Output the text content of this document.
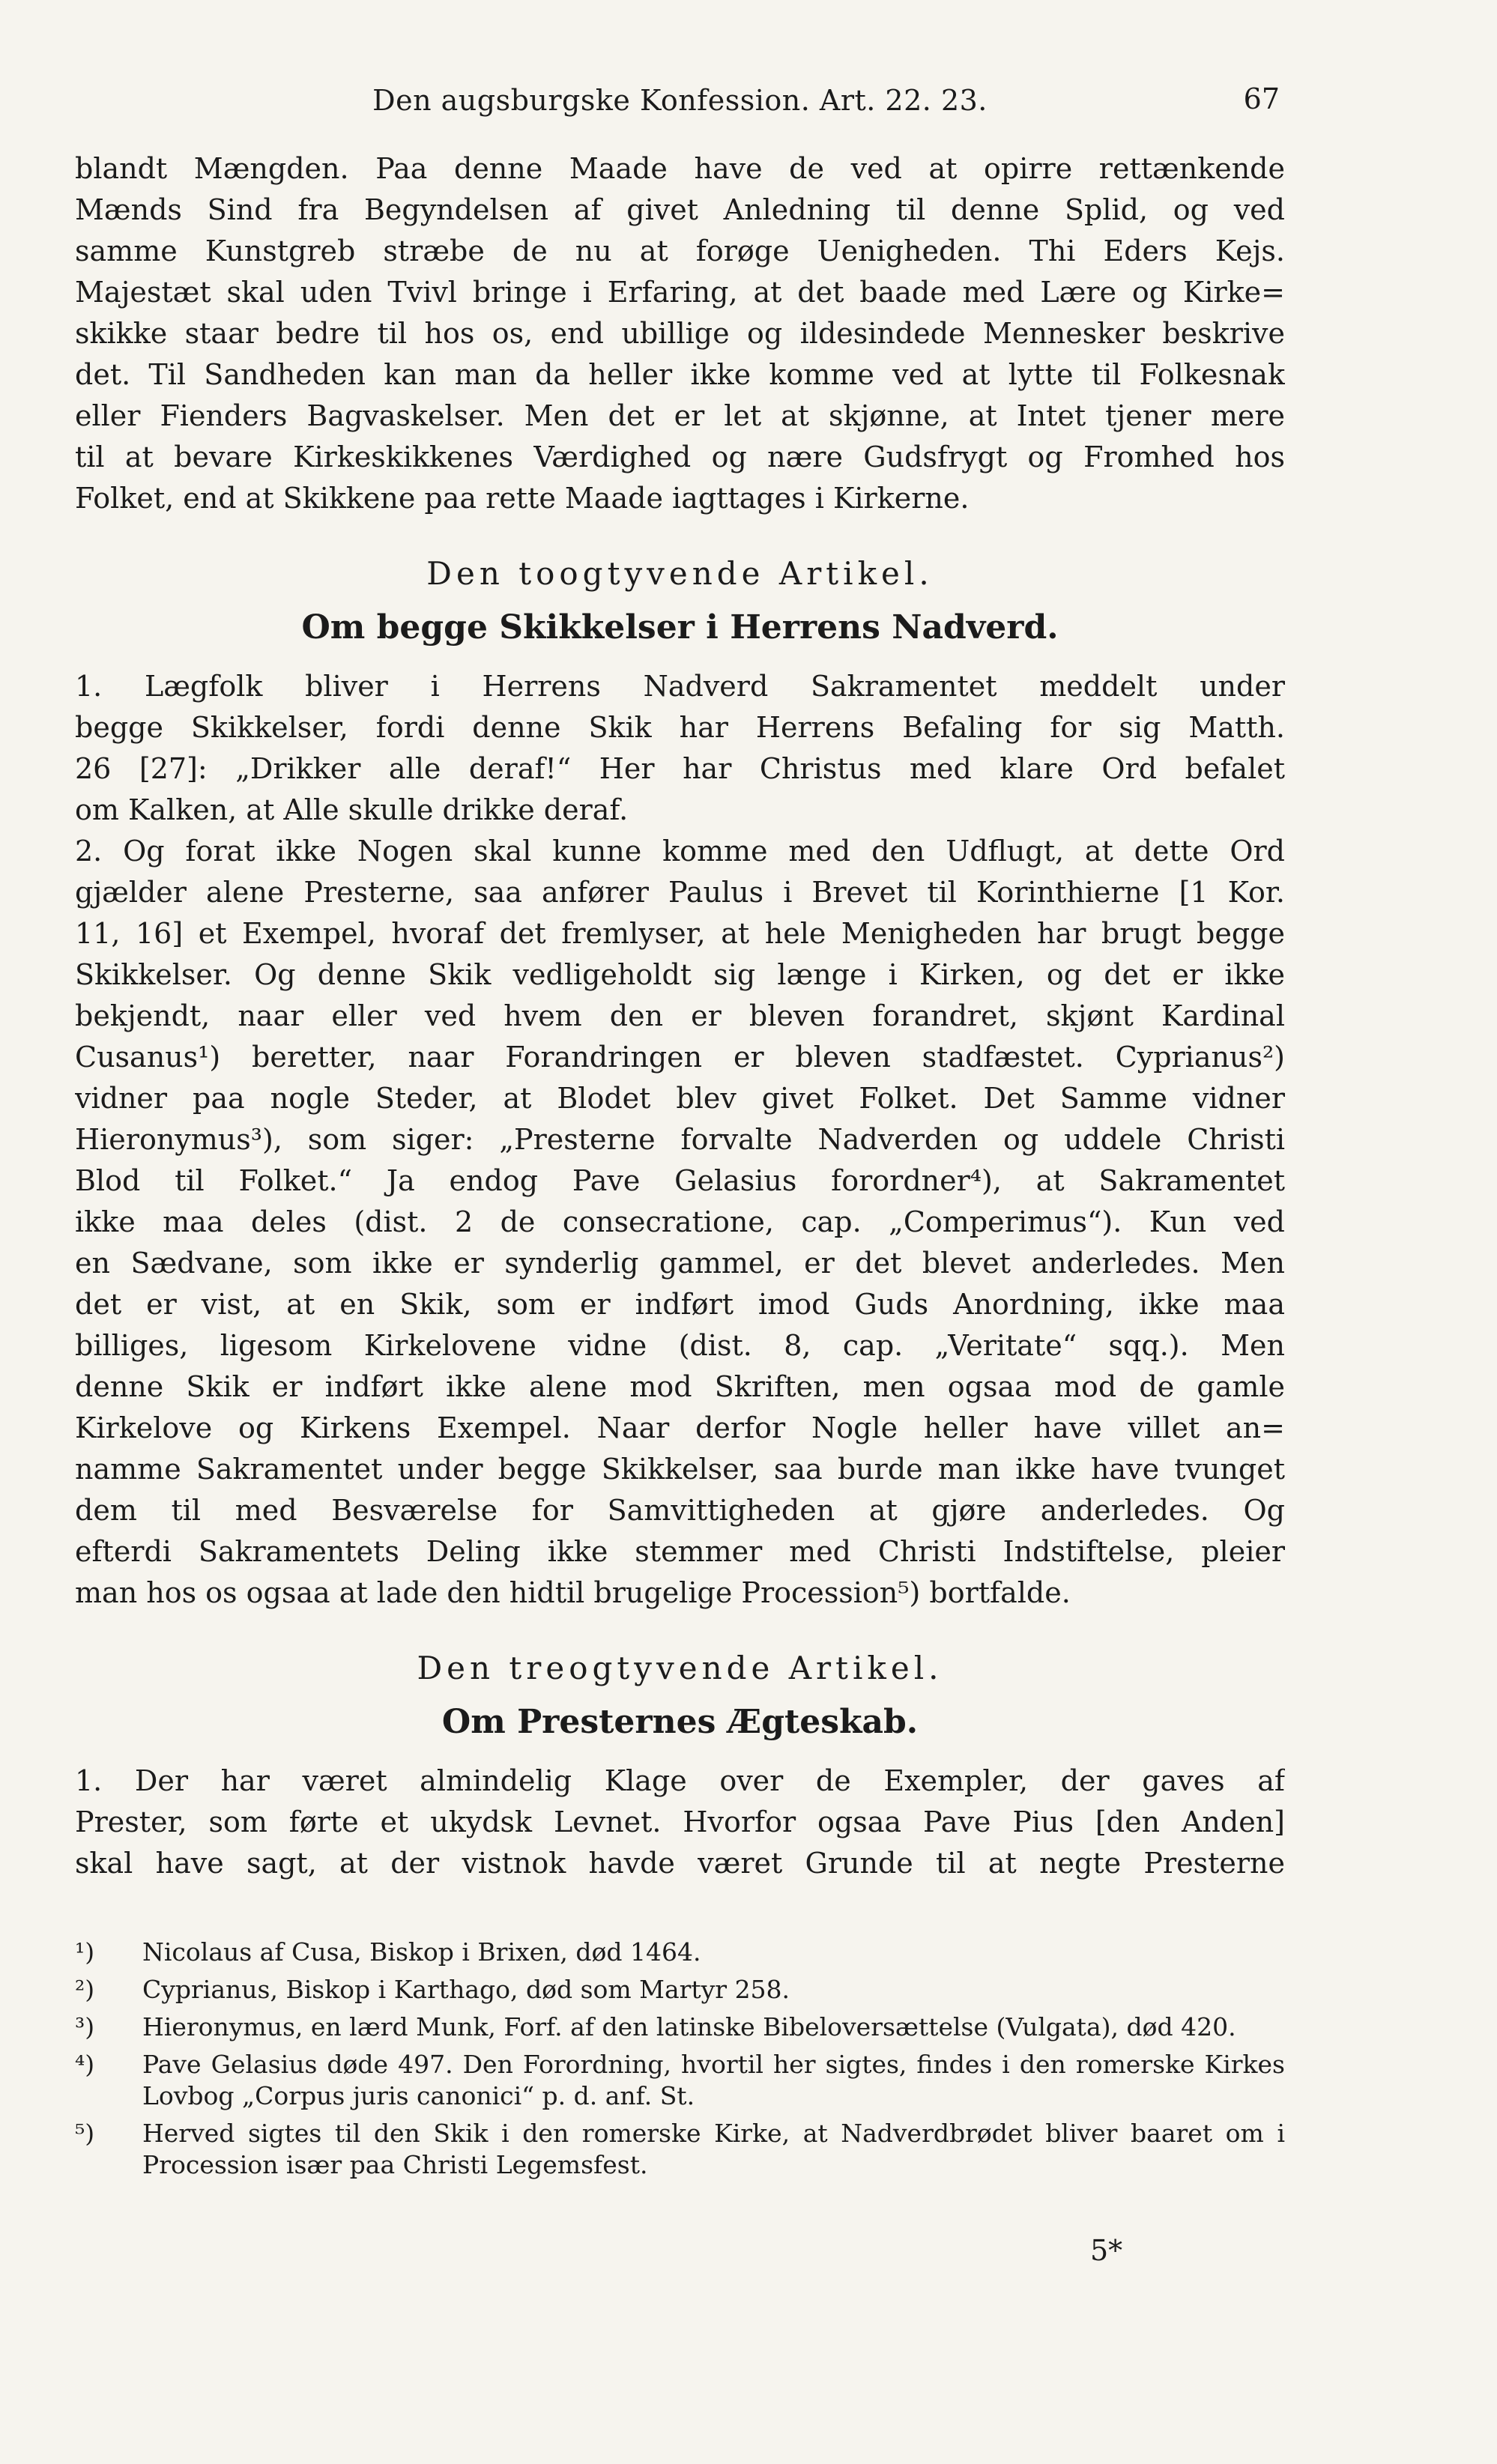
Den augsburgske Konfession. Art. 22. 23.	67
blandt Mængden. Paa denne Maade have de ved at opirre rettænkende
Mænds Sind fra Begyndelsen af givet Anledning til denne Splid, og ved
samme Kunstgreb stræbe de nu at forøge Uenigheden. Thi Eders Kejs.
Majestæt skal uden Tvivl bringe i Erfaring, at det baade med Lære og Kirke=
skikke staar bedre til hos os, end ubillige og ildesindede Mennesker beskrive
det. Til Sandheden kan man da heller ikke komme ved at lytte til Folkesnak
eller Fienders Bagvaskelser. Men det er let at skjønne, at Intet tjener mere
til at bevare Kirkeskikkenes Værdighed og nære Gudsfrygt og Fromhed hos
Folket, end at Skikkene paa rette Maade iagttages i Kirkerne.
Den toogtyvende Artikel.
Om begge Skikkelser i Herrens Nadverd.
1. Lægfolk bliver i Herrens Nadverd Sakramentet meddelt under
begge Skikkelser, fordi denne Skik har Herrens Befaling for sig Matth.
26 [27]: „Drikker alle deraf!“ Her har Christus med klare Ord befalet
om Kalken, at Alle skulle drikke deraf.
2. Og forat ikke Nogen skal kunne komme med den Udflugt, at dette Ord
gjælder alene Presterne, saa anfører Paulus i Brevet til Korinthierne [1 Kor.
11, 16] et Exempel, hvoraf det fremlyser, at hele Menigheden har brugt begge
Skikkelser. Og denne Skik vedligeholdt sig længe i Kirken, og det er ikke
bekjendt, naar eller ved hvem den er bleven forandret, skjønt Kardinal
Cusanus¹) beretter, naar Forandringen er bleven stadfæstet. Cyprianus²)
vidner paa nogle Steder, at Blodet blev givet Folket. Det Samme vidner
Hieronymus³), som siger: „Presterne forvalte Nadverden og uddele Christi
Blod til Folket.“ Ja endog Pave Gelasius forordner⁴), at Sakramentet
ikke maa deles (dist. 2 de consecratione, cap. „Comperimus“). Kun ved
en Sædvane, som ikke er synderlig gammel, er det blevet anderledes. Men
det er vist, at en Skik, som er indført imod Guds Anordning, ikke maa
billiges, ligesom Kirkelovene vidne (dist. 8, cap. „Veritate“ sqq.). Men
denne Skik er indført ikke alene mod Skriften, men ogsaa mod de gamle
Kirkelove og Kirkens Exempel. Naar derfor Nogle heller have villet an=
namme Sakramentet under begge Skikkelser, saa burde man ikke have tvunget
dem til med Besværelse for Samvittigheden at gjøre anderledes. Og
efterdi Sakramentets Deling ikke stemmer med Christi Indstiftelse, pleier
man hos os ogsaa at lade den hidtil brugelige Procession⁵) bortfalde.
Den treogtyvende Artikel.
Om Presternes Ægteskab.
1. Der har været almindelig Klage over de Exempler, der gaves af
Prester, som førte et ukydsk Levnet. Hvorfor ogsaa Pave Pius [den Anden]
skal have sagt, at der vistnok havde været Grunde til at negte Presterne
¹)	Nicolaus af Cusa, Biskop i Brixen, død 1464.
²)	Cyprianus, Biskop i Karthago, død som Martyr 258.
³)	Hieronymus, en lærd Munk, Forf. af den latinske Bibeloversættelse (Vulgata), død 420.
⁴)	Pave Gelasius døde 497. Den Forordning, hvortil her sigtes, findes i den romerske Kirkes Lovbog „Corpus juris canonici“ p. d. anf. St.
⁵)	Herved sigtes til den Skik i den romerske Kirke, at Nadverdbrødet bliver baaret om i Procession især paa Christi Legemsfest.
5*
